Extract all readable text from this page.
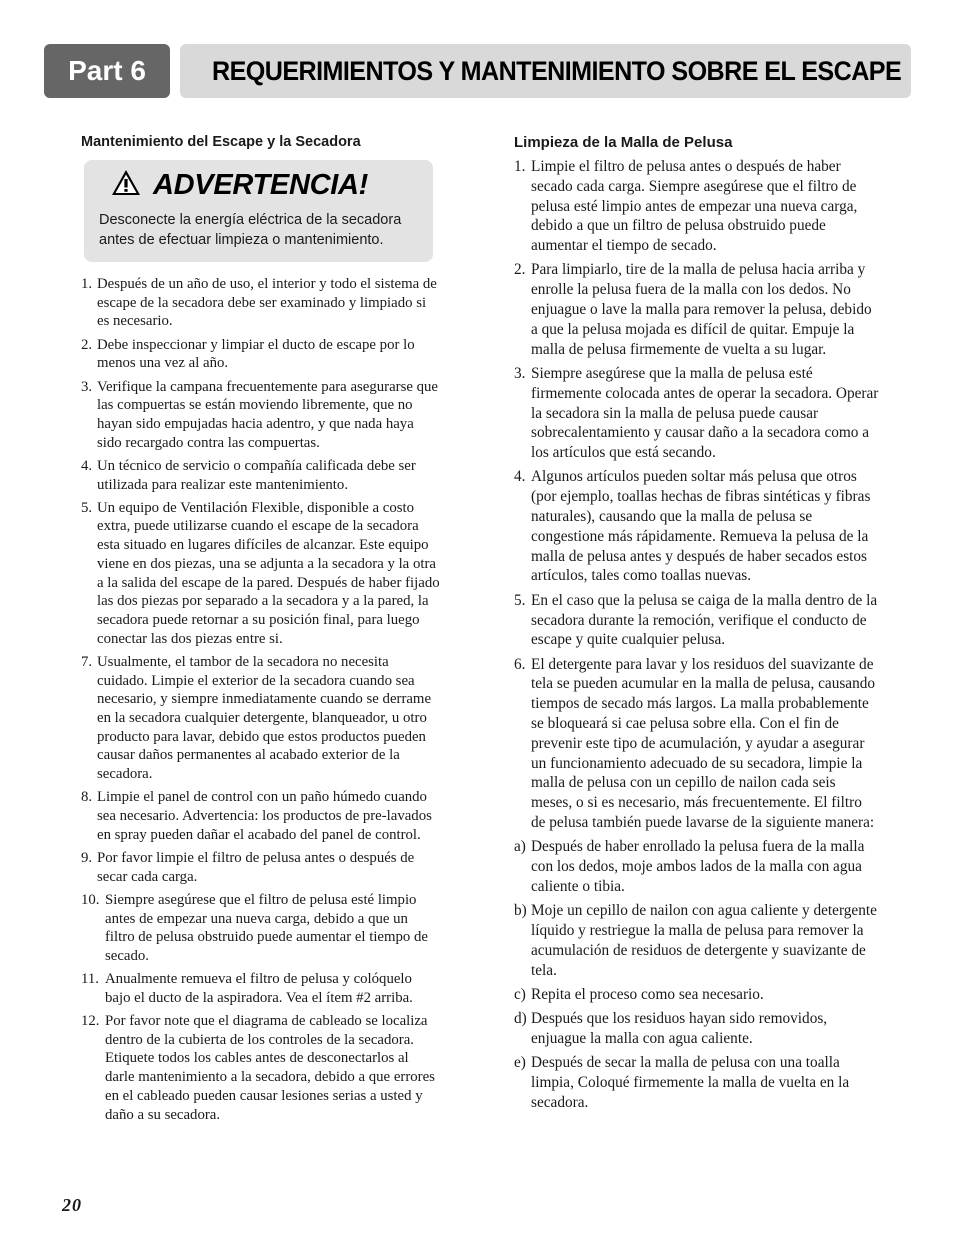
Part 6	REQUERIMIENTOS Y MANTENIMIENTO SOBRE EL ESCAPE
Mantenimiento del Escape y la Secadora
ADVERTENCIA!
Desconecte la energía eléctrica de la secadora antes de efectuar limpieza o mantenimiento.
1. Después de un año de uso, el interior y todo el sistema de escape de la secadora debe ser examinado y limpiado si es necesario.
2. Debe inspeccionar y limpiar el ducto de escape por lo menos una vez al año.
3. Verifique la campana frecuentemente para asegurarse que las compuertas se están moviendo libremente, que no hayan sido empujadas hacia adentro, y que nada haya sido recargado contra las compuertas.
4. Un técnico de servicio o compañía calificada debe ser utilizada para realizar este mantenimiento.
5. Un equipo de Ventilación Flexible, disponible a costo extra, puede utilizarse cuando el escape de la secadora esta situado en lugares difíciles de alcanzar. Este equipo viene en dos piezas, una se adjunta a la secadora y la otra a la salida del escape de la pared. Después de haber fijado las dos piezas por separado a la secadora y a la pared, la secadora puede retornar a su posición final, para luego conectar las dos piezas entre si.
7. Usualmente, el tambor de la secadora no necesita cuidado. Limpie el exterior de la secadora cuando sea necesario, y siempre inmediatamente cuando se derrame en la secadora cualquier detergente, blanqueador, u otro producto para lavar, debido que estos productos pueden causar daños permanentes al acabado exterior de la secadora.
8. Limpie el panel de control con un paño húmedo cuando sea necesario. Advertencia: los productos de pre-lavados en spray pueden dañar el acabado del panel de control.
9. Por favor limpie el filtro de pelusa antes o después de secar cada carga.
10. Siempre asegúrese que el filtro de pelusa esté limpio antes de empezar una nueva carga, debido a que un filtro de pelusa obstruido puede aumentar el tiempo de secado.
11. Anualmente remueva el filtro de pelusa y colóquelo bajo el ducto de la aspiradora. Vea el ítem #2 arriba.
12. Por favor note que el diagrama de cableado se localiza dentro de la cubierta de los controles de la secadora. Etiquete todos los cables antes de desconectarlos al darle mantenimiento a la secadora, debido a que errores en el cableado pueden causar lesiones serias a usted y daño a su secadora.
Limpieza de la Malla de Pelusa
1. Limpie el filtro de pelusa antes o después de haber secado cada carga. Siempre asegúrese que el filtro de pelusa esté limpio antes de empezar una nueva carga, debido a que un filtro de pelusa obstruido puede aumentar el tiempo de secado.
2. Para limpiarlo, tire de la malla de pelusa hacia arriba y enrolle la pelusa fuera de la malla con los dedos. No enjuague o lave la malla para remover la pelusa, debido a que la pelusa mojada es difícil de quitar. Empuje la malla de pelusa firmemente de vuelta a su lugar.
3. Siempre asegúrese que la malla de pelusa esté firmemente colocada antes de operar la secadora. Operar la secadora sin la malla de pelusa puede causar sobrecalentamiento y causar daño a la secadora como a los artículos que está secando.
4. Algunos artículos pueden soltar más pelusa que otros (por ejemplo, toallas hechas de fibras sintéticas y fibras naturales), causando que la malla de pelusa se congestione más rápidamente. Remueva la pelusa de la malla de pelusa antes y después de haber secados estos artículos, tales como toallas nuevas.
5. En el caso que la pelusa se caiga de la malla dentro de la secadora durante la remoción, verifique el conducto de escape y quite cualquier pelusa.
6. El detergente para lavar y los residuos del suavizante de tela se pueden acumular en la malla de pelusa, causando tiempos de secado más largos. La malla probablemente se bloqueará si cae pelusa sobre ella. Con el fin de prevenir este tipo de acumulación, y ayudar a asegurar un funcionamiento adecuado de su secadora, limpie la malla de pelusa con un cepillo de nailon cada seis meses, o si es necesario, más frecuentemente. El filtro de pelusa también puede lavarse de la siguiente manera:
a) Después de haber enrollado la pelusa fuera de la malla con los dedos, moje ambos lados de la malla con agua caliente o tibia.
b) Moje un cepillo de nailon con agua caliente y detergente líquido y restriegue la malla de pelusa para remover la acumulación de residuos de detergente y suavizante de tela.
c) Repita el proceso como sea necesario.
d) Después que los residuos hayan sido removidos, enjuague la malla con agua caliente.
e) Después de secar la malla de pelusa con una toalla limpia, Coloqué firmemente la malla de vuelta en la secadora.
20
